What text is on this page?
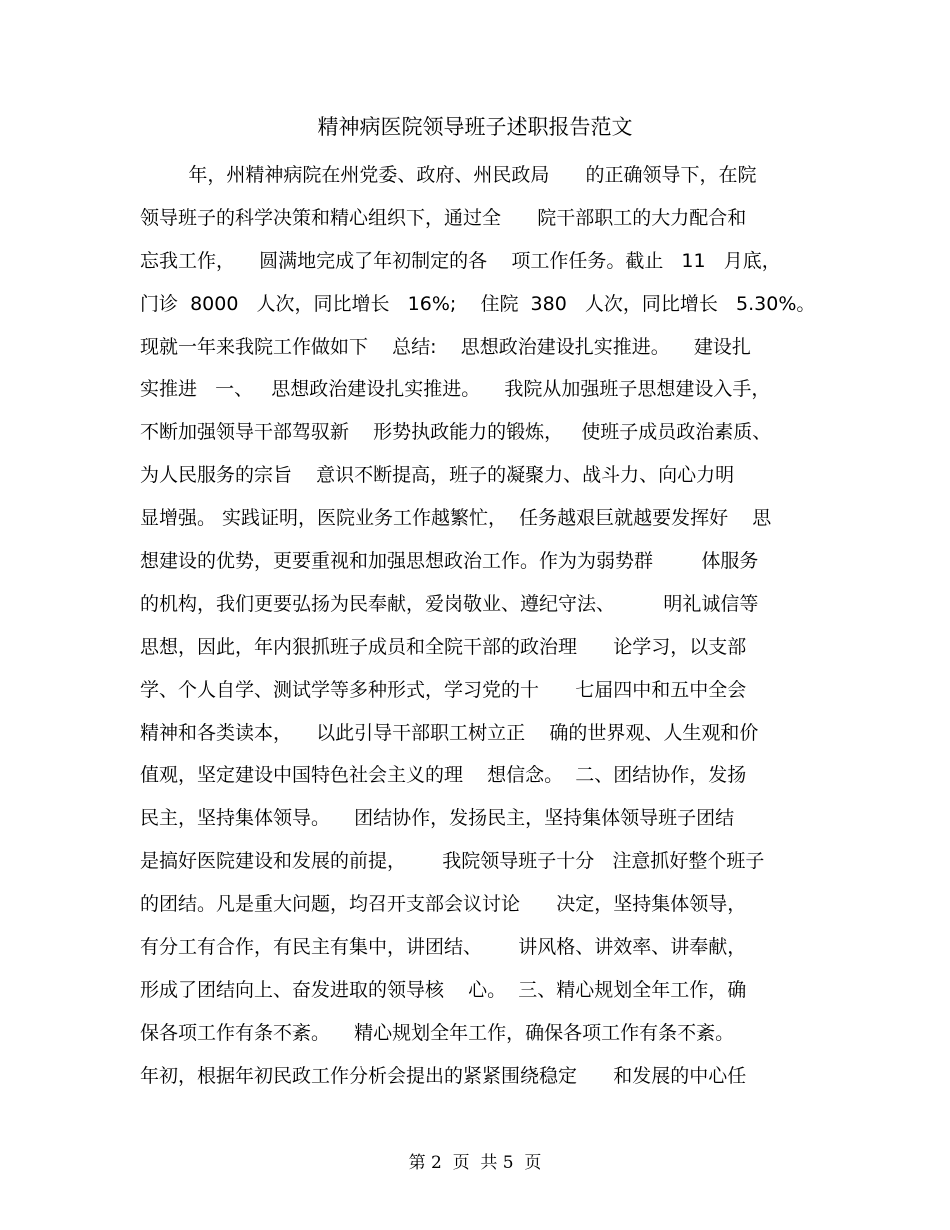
精神病医院领导班子述职报告范文
年，州精神病院在州党委、政府、州民政局      的正确领导下，在院
领导班子的科学决策和精心组织下，通过全      院干部职工的大力配合和
忘我工作，    圆满地完成了年初制定的各    项工作任务。截止   11   月底，
门诊  8000   人次，同比增长   16%;    住院  380   人次，同比增长   5.30%。
现就一年来我院工作做如下    总结:    思想政治建设扎实推进。    建设扎
实推进   一、   思想政治建设扎实推进。    我院从加强班子思想建设入手，
不断加强领导干部驾驭新    形势执政能力的锻炼，   使班子成员政治素质、
为人民服务的宗旨    意识不断提高，班子的凝聚力、战斗力、向心力明
显增强。 实践证明，医院业务工作越繁忙，  任务越艰巨就越要发挥好    思
想建设的优势，更要重视和加强思想政治工作。作为为弱势群        体服务
的机构，我们更要弘扬为民奉献，爱岗敬业、遵纪守法、        明礼诚信等
思想，因此，年内狠抓班子成员和全院干部的政治理      论学习，以支部
学、个人自学、测试学等多种形式，学习党的十      七届四中和五中全会
精神和各类读本，    以此引导干部职工树立正    确的世界观、人生观和价
值观，坚定建设中国特色社会主义的理    想信念。  二、团结协作，发扬
民主，坚持集体领导。    团结协作，发扬民主，坚持集体领导班子团结
是搞好医院建设和发展的前提，      我院领导班子十分   注意抓好整个班子
的团结。凡是重大问题，均召开支部会议讨论      决定，坚持集体领导，
有分工有合作，有民主有集中，讲团结、      讲风格、讲效率、讲奉献，
形成了团结向上、奋发进取的领导核    心。  三、精心规划全年工作，确
保各项工作有条不紊。    精心规划全年工作，确保各项工作有条不紊。
年初，根据年初民政工作分析会提出的紧紧围绕稳定      和发展的中心任
第 2  页  共 5  页
